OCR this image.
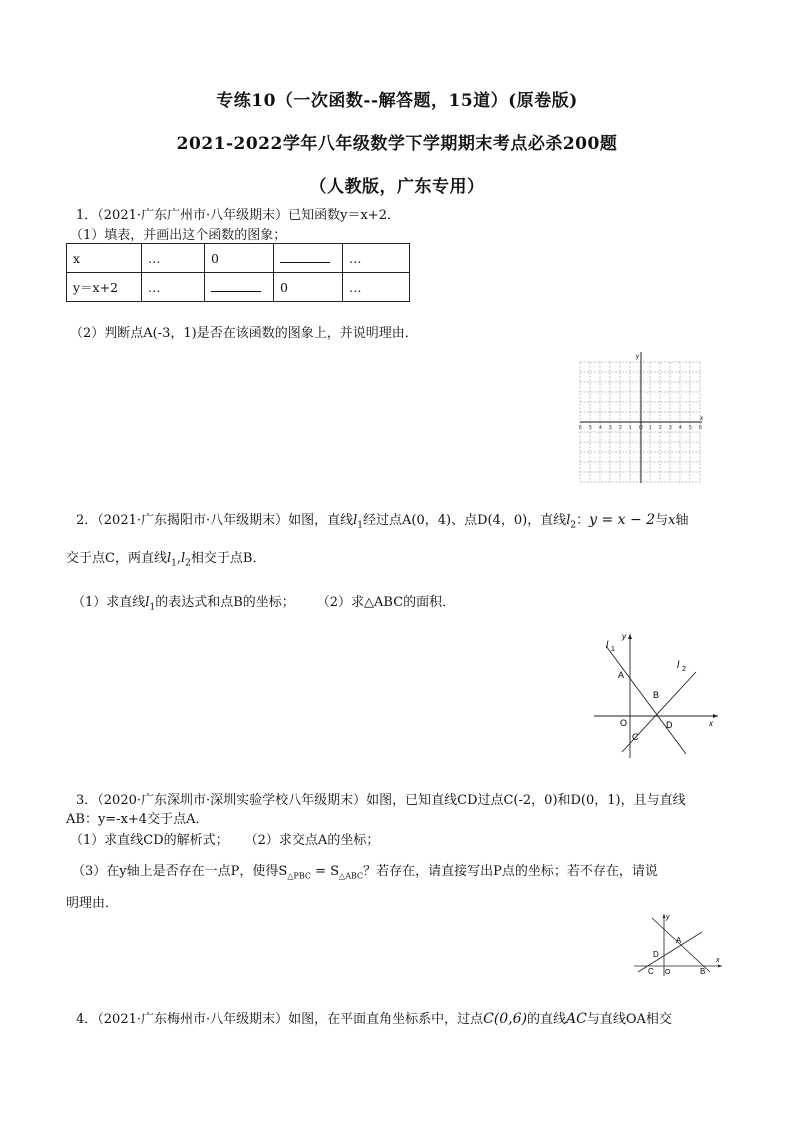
专练10（一次函数--解答题，15道）(原卷版)
2021-2022学年八年级数学下学期期末考点必杀200题
（人教版，广东专用）
1．（2021·广东广州市·八年级期末）已知函数y＝x+2．
（1）填表，并画出这个函数的图象；
x	…	0		…
y＝x+2	…		0	…
（2）判断点A(-3，1)是否在该函数的图象上，并说明理由．
6 5 4 3 2 1 O 1 2 3 4 5 6
x
y
2．（2021·广东揭阳市·八年级期末）如图，直线$l_1$经过点A(0，4)、点D(4，0)，直线$l_2$：y = x − 2与x轴
交于点C，两直线$l_1,l_2$相交于点B．
（1）求直线$l_1$的表达式和点B的坐标； （2）求△ABC的面积．
l 1
l 2
A
B
C
D
O	x
y
3．（2020·广东深圳市·深圳实验学校八年级期末）如图，已知直线CD过点C(-2，0)和D(0，1)，且与直线
AB：y=-x+4交于点A．
（1）求直线CD的解析式； （2）求交点A的坐标；
（3）在y轴上是否存在一点P，使得$S_{\triangle PBC} = S_{\triangle ABC}$？若存在，请直接写出P点的坐标；若不存在，请说
明理由．
A
B
C
D
O
x
y
4．（2021·广东梅州市·八年级期末）如图，在平面直角坐标系中，过点C(0,6)的直线AC与直线OA相交
